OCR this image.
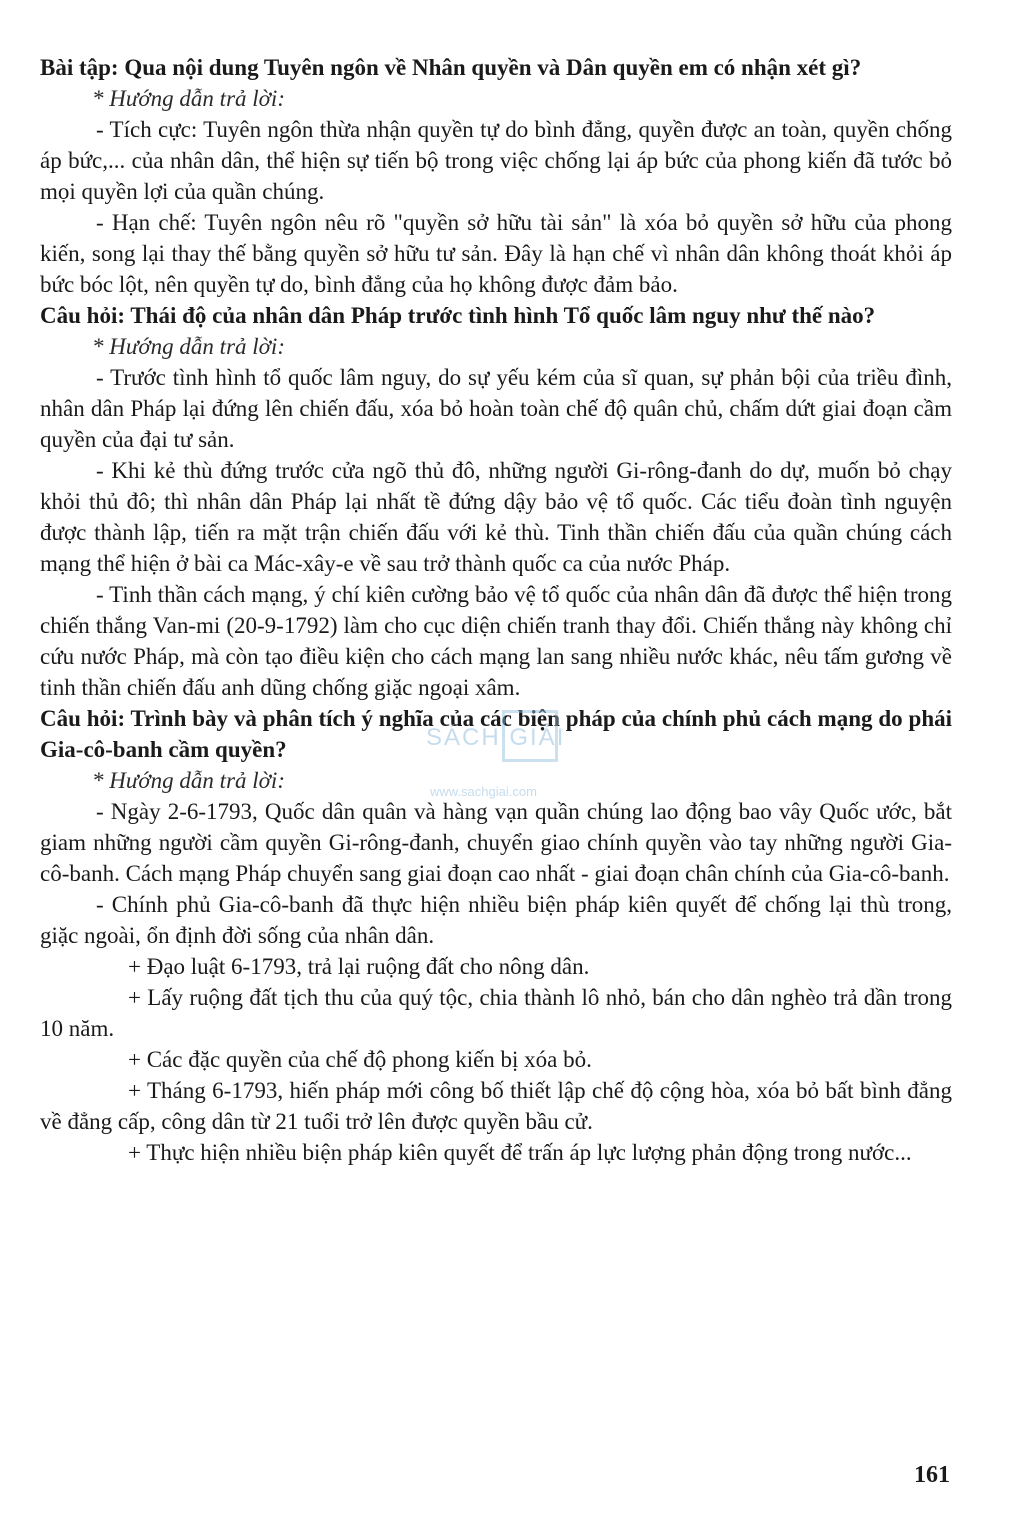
Bài tập: Qua nội dung Tuyên ngôn về Nhân quyền và Dân quyền em có nhận xét gì?

* Hướng dẫn trả lời:

- Tích cực: Tuyên ngôn thừa nhận quyền tự do bình đẳng, quyền được an toàn, quyền chống áp bức,... của nhân dân, thể hiện sự tiến bộ trong việc chống lại áp bức của phong kiến đã tước bỏ mọi quyền lợi của quần chúng.

- Hạn chế: Tuyên ngôn nêu rõ "quyền sở hữu tài sản" là xóa bỏ quyền sở hữu của phong kiến, song lại thay thế bằng quyền sở hữu tư sản. Đây là hạn chế vì nhân dân không thoát khỏi áp bức bóc lột, nên quyền tự do, bình đẳng của họ không được đảm bảo.

Câu hỏi: Thái độ của nhân dân Pháp trước tình hình Tổ quốc lâm nguy như thế nào?

* Hướng dẫn trả lời:

- Trước tình hình tổ quốc lâm nguy, do sự yếu kém của sĩ quan, sự phản bội của triều đình, nhân dân Pháp lại đứng lên chiến đấu, xóa bỏ hoàn toàn chế độ quân chủ, chấm dứt giai đoạn cầm quyền của đại tư sản.

- Khi kẻ thù đứng trước cửa ngõ thủ đô, những người Gi-rông-đanh do dự, muốn bỏ chạy khỏi thủ đô; thì nhân dân Pháp lại nhất tề đứng dậy bảo vệ tổ quốc. Các tiểu đoàn tình nguyện được thành lập, tiến ra mặt trận chiến đấu với kẻ thù. Tinh thần chiến đấu của quần chúng cách mạng thể hiện ở bài ca Mác-xây-e về sau trở thành quốc ca của nước Pháp.

- Tinh thần cách mạng, ý chí kiên cường bảo vệ tổ quốc của nhân dân đã được thể hiện trong chiến thắng Van-mi (20-9-1792) làm cho cục diện chiến tranh thay đổi. Chiến thắng này không chỉ cứu nước Pháp, mà còn tạo điều kiện cho cách mạng lan sang nhiều nước khác, nêu tấm gương về tinh thần chiến đấu anh dũng chống giặc ngoại xâm.

Câu hỏi: Trình bày và phân tích ý nghĩa của các biện pháp của chính phủ cách mạng do phái Gia-cô-banh cầm quyền?

* Hướng dẫn trả lời:

- Ngày 2-6-1793, Quốc dân quân và hàng vạn quần chúng lao động bao vây Quốc ước, bắt giam những người cầm quyền Gi-rông-đanh, chuyển giao chính quyền vào tay những người Gia-cô-banh. Cách mạng Pháp chuyển sang giai đoạn cao nhất - giai đoạn chân chính của Gia-cô-banh.

- Chính phủ Gia-cô-banh đã thực hiện nhiều biện pháp kiên quyết để chống lại thù trong, giặc ngoài, ổn định đời sống của nhân dân.

+ Đạo luật 6-1793, trả lại ruộng đất cho nông dân.

+ Lấy ruộng đất tịch thu của quý tộc, chia thành lô nhỏ, bán cho dân nghèo trả dần trong 10 năm.

+ Các đặc quyền của chế độ phong kiến bị xóa bỏ.

+ Tháng 6-1793, hiến pháp mới công bố thiết lập chế độ cộng hòa, xóa bỏ bất bình đẳng về đẳng cấp, công dân từ 21 tuổi trở lên được quyền bầu cử.

+ Thực hiện nhiều biện pháp kiên quyết để trấn áp lực lượng phản động trong nước...

SÁCH GIẢI
www.sachgiai.com
161
